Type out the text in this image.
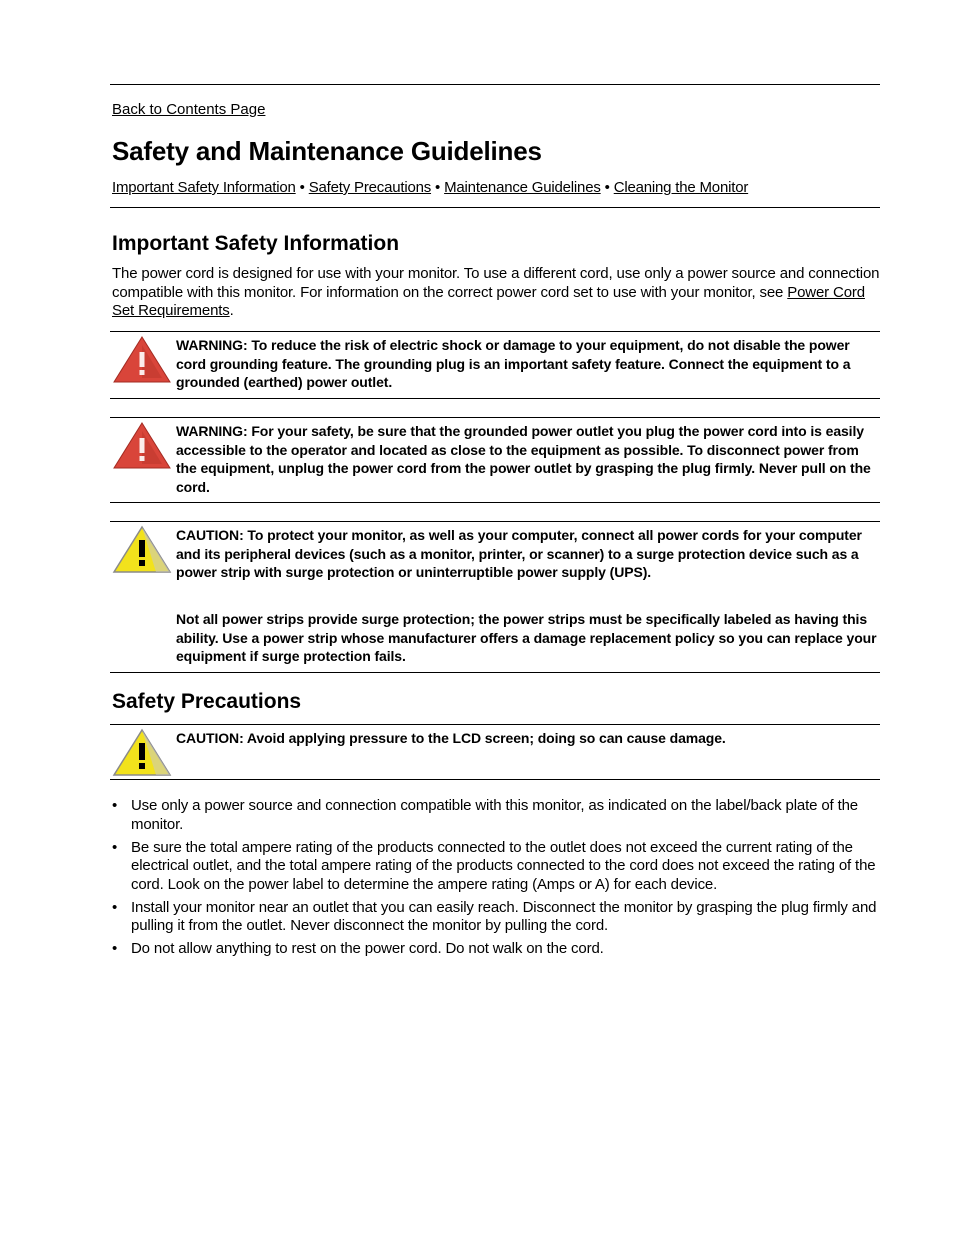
Back to Contents Page
Safety and Maintenance Guidelines
Important Safety Information • Safety Precautions • Maintenance Guidelines • Cleaning the Monitor
Important Safety Information

The power cord is designed for use with your monitor. To use a different cord, use only a power source and connection compatible with this monitor. For information on the correct power cord set to use with your monitor, see Power Cord Set Requirements.

WARNING: To reduce the risk of electric shock or damage to your equipment, do not disable the power cord grounding feature. The grounding plug is an important safety feature. Connect the equipment to a grounded (earthed) power outlet.

WARNING: For your safety, be sure that the grounded power outlet you plug the power cord into is easily accessible to the operator and located as close to the equipment as possible. To disconnect power from the equipment, unplug the power cord from the power outlet by grasping the plug firmly. Never pull on the cord.

CAUTION: To protect your monitor, as well as your computer, connect all power cords for your computer and its peripheral devices (such as a monitor, printer, or scanner) to a surge protection device such as a power strip with surge protection or uninterruptible power supply (UPS).

Not all power strips provide surge protection; the power strips must be specifically labeled as having this ability. Use a power strip whose manufacturer offers a damage replacement policy so you can replace your equipment if surge protection fails.

Safety Precautions

CAUTION: Avoid applying pressure to the LCD screen; doing so can cause damage.

• Use only a power source and connection compatible with this monitor, as indicated on the label/back plate of the monitor.
• Be sure the total ampere rating of the products connected to the outlet does not exceed the current rating of the electrical outlet, and the total ampere rating of the products connected to the cord does not exceed the rating of the cord. Look on the power label to determine the ampere rating (Amps or A) for each device.
• Install your monitor near an outlet that you can easily reach. Disconnect the monitor by grasping the plug firmly and pulling it from the outlet. Never disconnect the monitor by pulling the cord.
• Do not allow anything to rest on the power cord. Do not walk on the cord.
